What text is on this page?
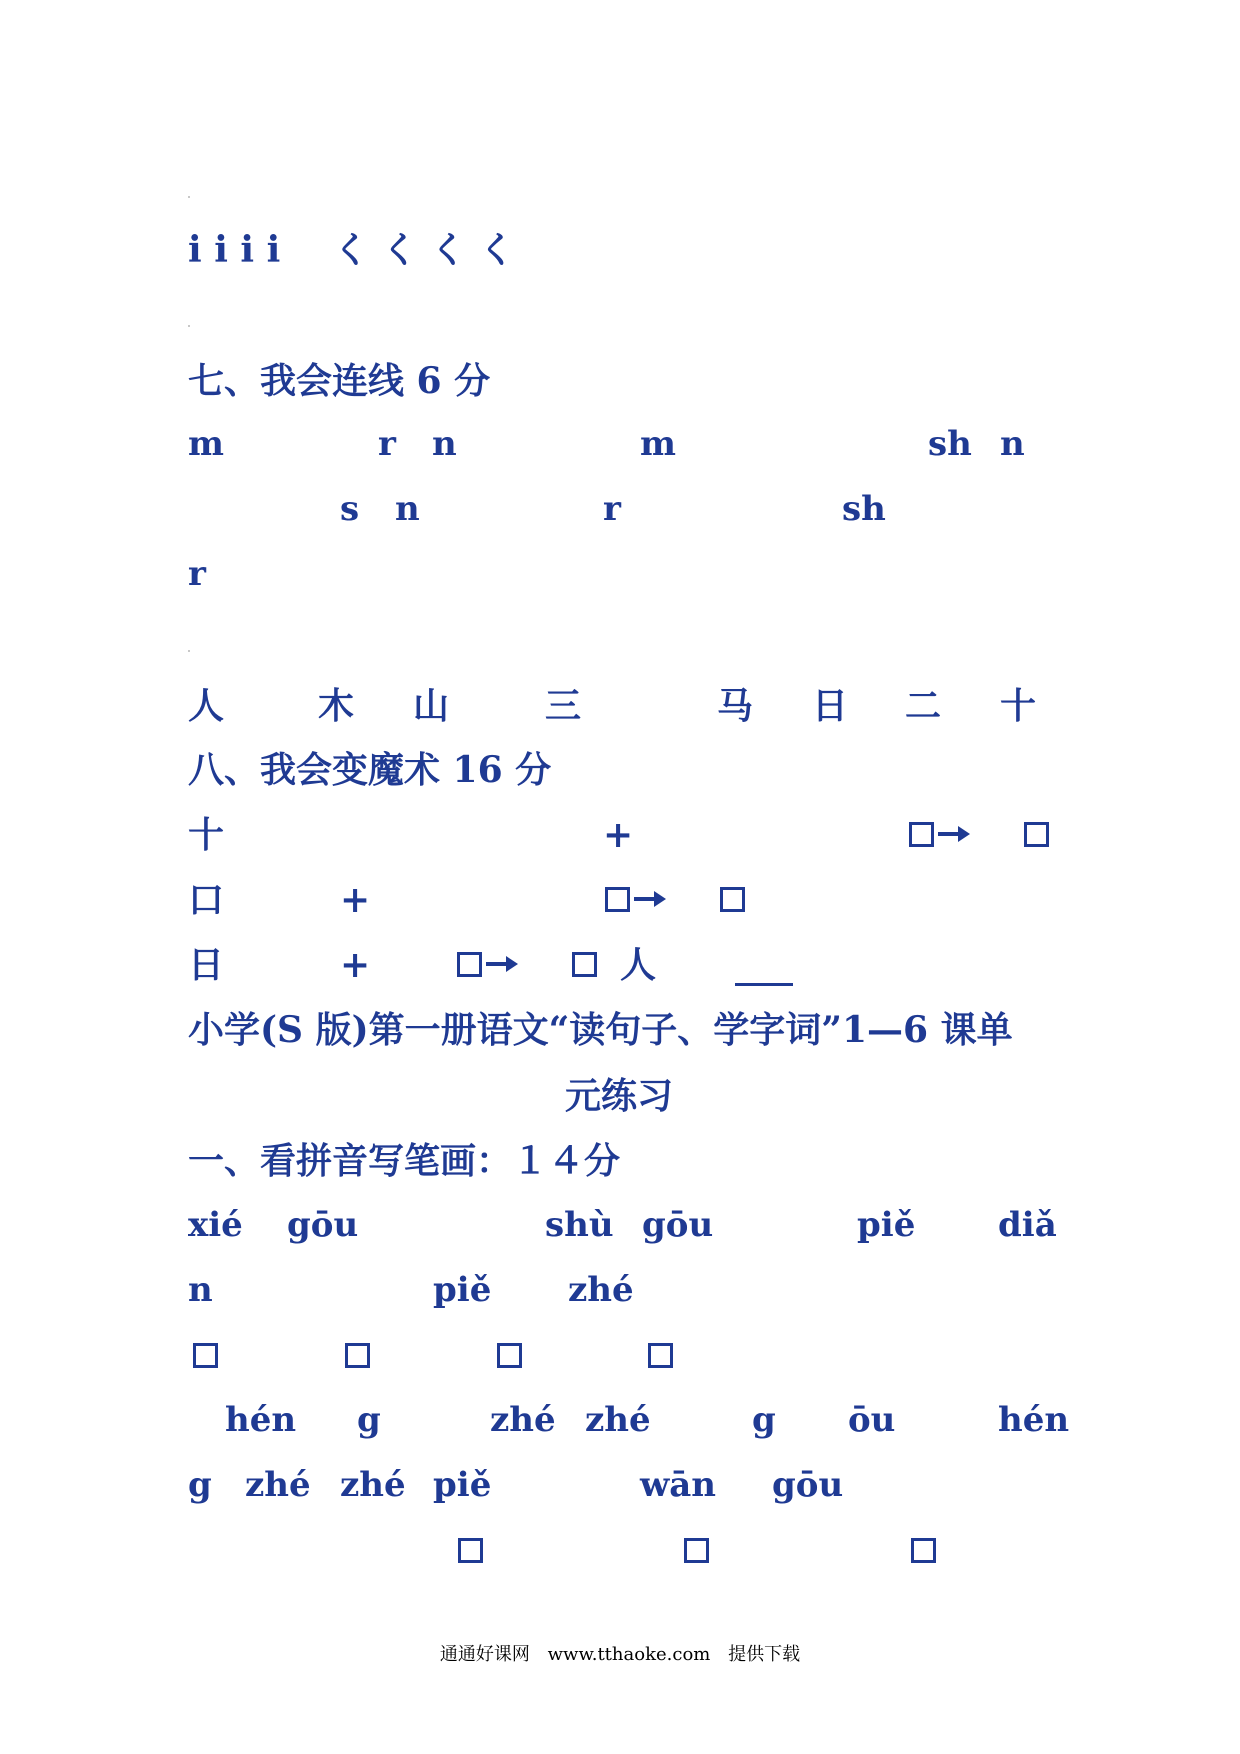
i i i i く く く く
七、我会连线 6 分
m	r n	m	sh n
s n	r	sh
r
人	木 山	三	马 日 二 十
八、我会变魔术 16 分
十	+
口	+
日	+	人
小学(S 版)第一册语文“读句子、学字词”1—6 课单
元练习
一、看拼音写笔画：１４分
xié gōu	shù gōu	piě diǎ
n	piě zhé
hén g	zhé zhé	g ōu	hén
g zhé zhé piě	wān gōu
通通好课网 www.tthaoke.com 提供下载
